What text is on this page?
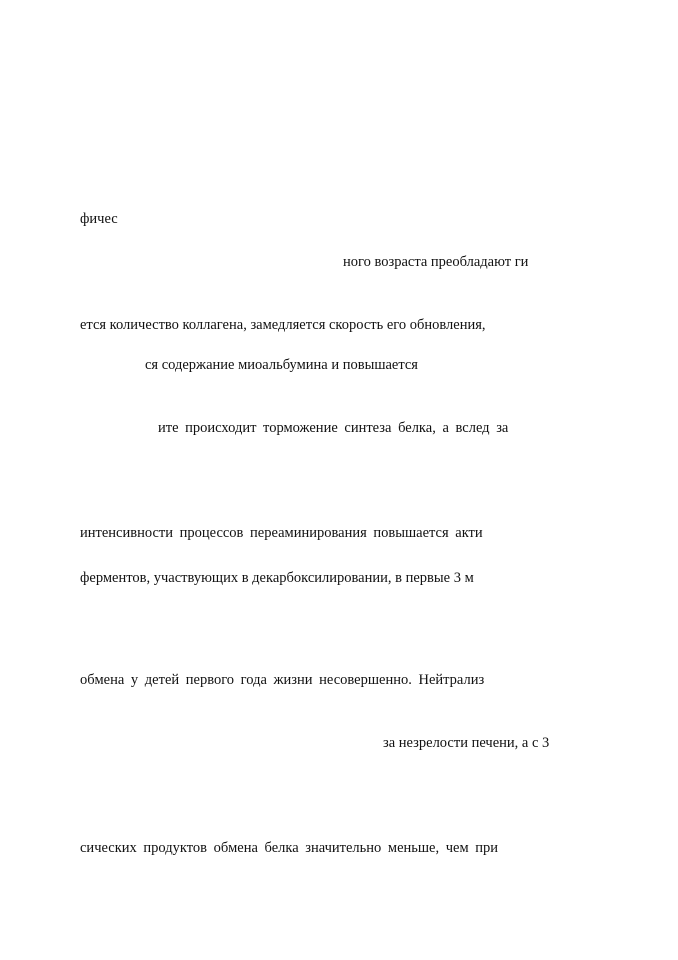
фичес
ного возраста преобладают ги
ется количество коллагена, замедляется скорость его обновления,
ся содержание миоальбумина и повышается
ите происходит торможение синтеза белка, а вслед за
интенсивности процессов переаминирования повышается акти
ферментов, участвующих в декарбоксилировании, в первые 3 м
обмена у детей первого года жизни несовершенно. Нейтрализ
за незрелости печени, а с 3
сических продуктов обмена белка значительно меньше, чем при
